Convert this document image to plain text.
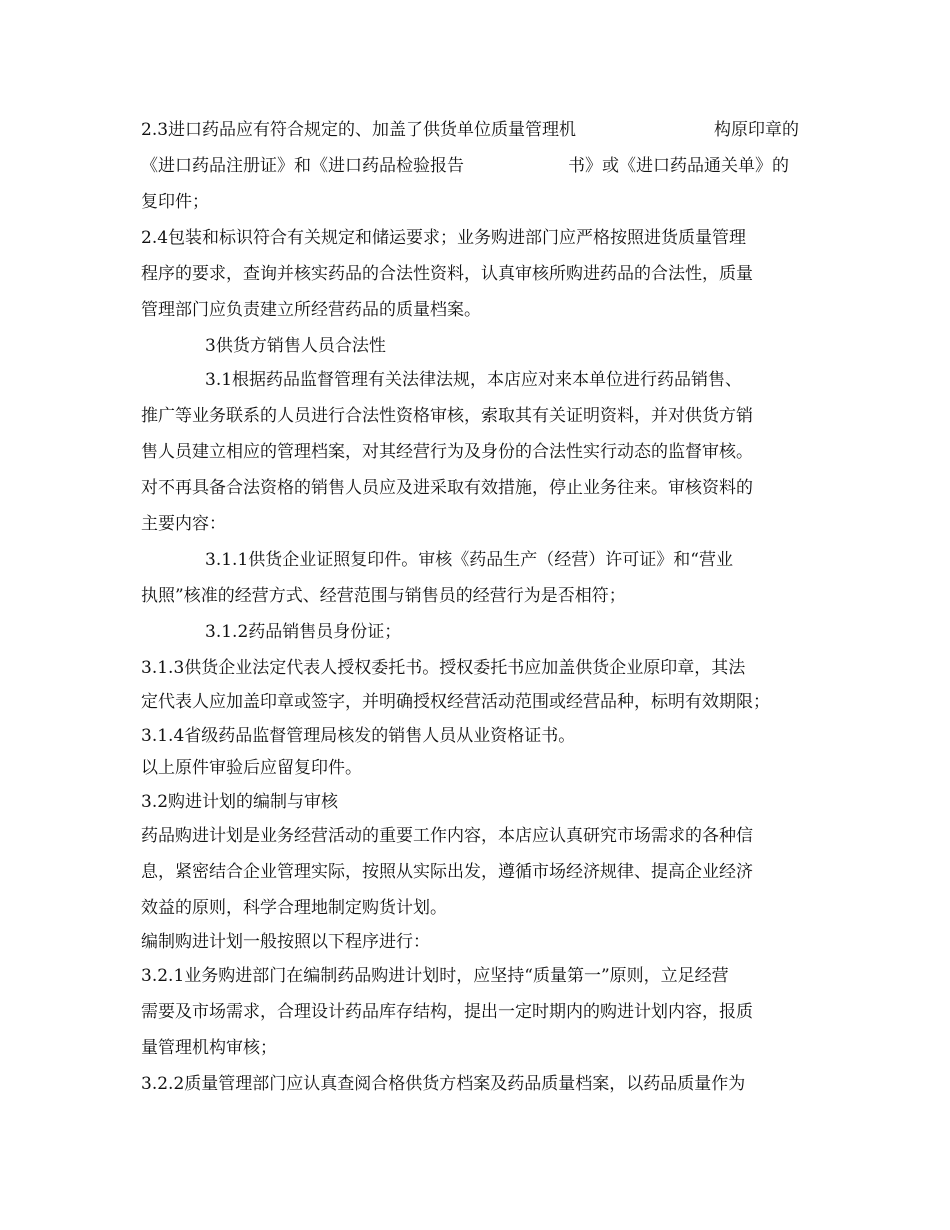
2.3进口药品应有符合规定的、加盖了供货单位质量管理机	构原印章的

《进口药品注册证》和《进口药品检验报告	书》或《进口药品通关单》的

复印件；

2.4包装和标识符合有关规定和储运要求；业务购进部门应严格按照进货质量管理

程序的要求，查询并核实药品的合法性资料，认真审核所购进药品的合法性，质量

管理部门应负责建立所经营药品的质量档案。

3供货方销售人员合法性

3.1根据药品监督管理有关法律法规，本店应对来本单位进行药品销售、

推广等业务联系的人员进行合法性资格审核，索取其有关证明资料，并对供货方销

售人员建立相应的管理档案，对其经营行为及身份的合法性实行动态的监督审核。

对不再具备合法资格的销售人员应及进采取有效措施，停止业务往来。审核资料的

主要内容：

3.1.1供货企业证照复印件。审核《药品生产（经营）许可证》和“营业

执照”核准的经营方式、经营范围与销售员的经营行为是否相符；

3.1.2药品销售员身份证；

3.1.3供货企业法定代表人授权委托书。授权委托书应加盖供货企业原印章，其法

定代表人应加盖印章或签字，并明确授权经营活动范围或经营品种，标明有效期限；

3.1.4省级药品监督管理局核发的销售人员从业资格证书。

以上原件审验后应留复印件。

3.2购进计划的编制与审核

药品购进计划是业务经营活动的重要工作内容，本店应认真研究市场需求的各种信

息，紧密结合企业管理实际，按照从实际出发，遵循市场经济规律、提高企业经济

效益的原则，科学合理地制定购货计划。

编制购进计划一般按照以下程序进行：

3.2.1业务购进部门在编制药品购进计划时，应坚持“质量第一”原则，立足经营

需要及市场需求，合理设计药品库存结构，提出一定时期内的购进计划内容，报质

量管理机构审核；

3.2.2质量管理部门应认真查阅合格供货方档案及药品质量档案，以药品质量作为
